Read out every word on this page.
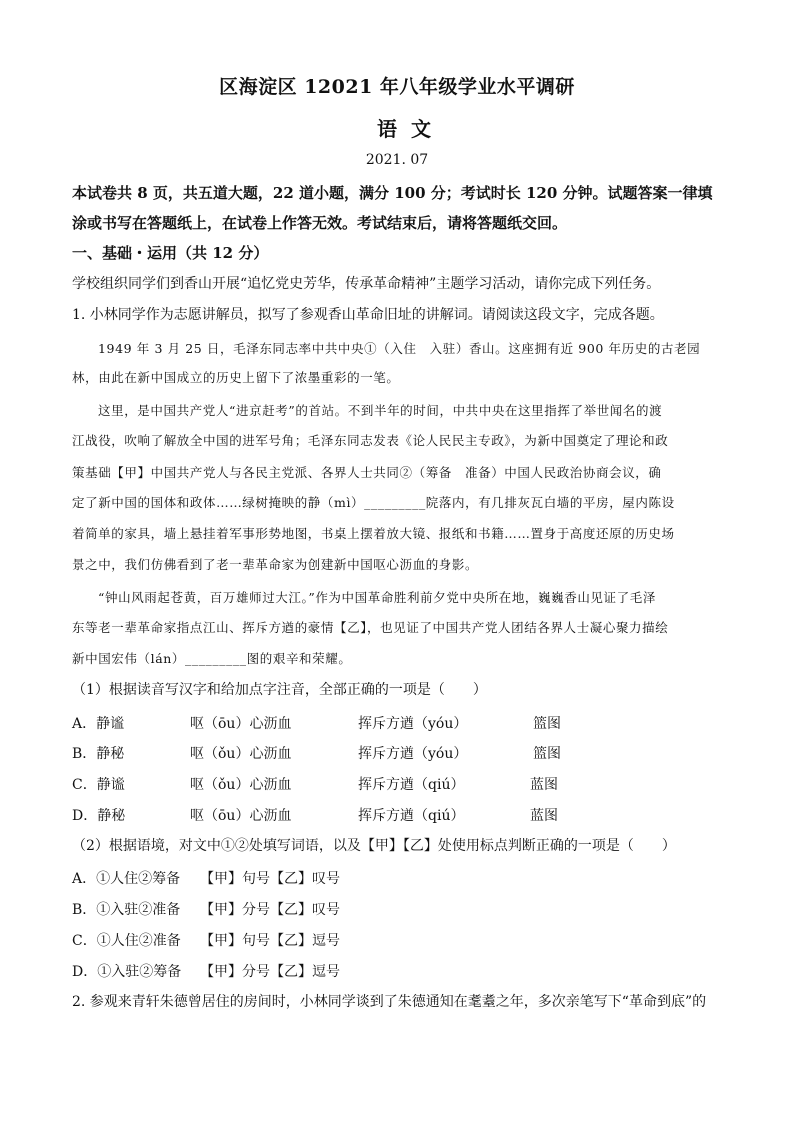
区海淀区 12021 年八年级学业水平调研
语文
2021. 07
本试卷共 8 页，共五道大题，22 道小题，满分 100 分；考试时长 120 分钟。试题答案一律填
涂或书写在答题纸上，在试卷上作答无效。考试结束后，请将答题纸交回。
一、基础・运用（共 12 分）
学校组织同学们到香山开展“追忆党史芳华，传承革命精神”主题学习活动，请你完成下列任务。
1. 小林同学作为志愿讲解员，拟写了参观香山革命旧址的讲解词。请阅读这段文字，完成各题。
1949 年 3 月 25 日，毛泽东同志率中共中央①（入住　入驻）香山。这座拥有近 900 年历史的古老园
林，由此在新中国成立的历史上留下了浓墨重彩的一笔。
这里，是中国共产党人“进京赶考”的首站。不到半年的时间，中共中央在这里指挥了举世闻名的渡
江战役，吹响了解放全中国的进军号角；毛泽东同志发表《论人民民主专政》，为新中国奠定了理论和政
策基础【甲】中国共产党人与各民主党派、各界人士共同②（筹备　准备）中国人民政治协商会议，确
定了新中国的国体和政体……绿树掩映的静（mì）_________院落内，有几排灰瓦白墙的平房，屋内陈设
着简单的家具，墙上悬挂着军事形势地图，书桌上摆着放大镜、报纸和书籍……置身于高度还原的历史场
景之中，我们仿佛看到了老一辈革命家为创建新中国呕心沥血的身影。
“钟山风雨起苍黄，百万雄师过大江。”作为中国革命胜利前夕党中央所在地，巍巍香山见证了毛泽
东等老一辈革命家指点江山、挥斥方遒的豪情【乙】，也见证了中国共产党人团结各界人士凝心聚力描绘
新中国宏伟（lán）_________图的艰辛和荣耀。
（1）根据读音写汉字和给加点字注音，全部正确的一项是（　　）
A．静谧	呕（ōu）心沥血	挥斥方遒（yóu）	篮图
B．静秘	呕（ǒu）心沥血	挥斥方遒（yóu）	篮图
C．静谧	呕（ǒu）心沥血	挥斥方遒（qiú）	蓝图
D．静秘	呕（ōu）心沥血	挥斥方遒（qiú）	蓝图
（2）根据语境，对文中①②处填写词语，以及【甲】【乙】处使用标点判断正确的一项是（　　）
A．①人住②筹备 【甲】句号【乙】叹号
B．①入驻②准备 【甲】分号【乙】叹号
C．①人住②准备 【甲】句号【乙】逗号
D．①入驻②筹备 【甲】分号【乙】逗号
2. 参观来青轩朱德曾居住的房间时，小林同学谈到了朱德通知在耄耋之年，多次亲笔写下“革命到底”的
